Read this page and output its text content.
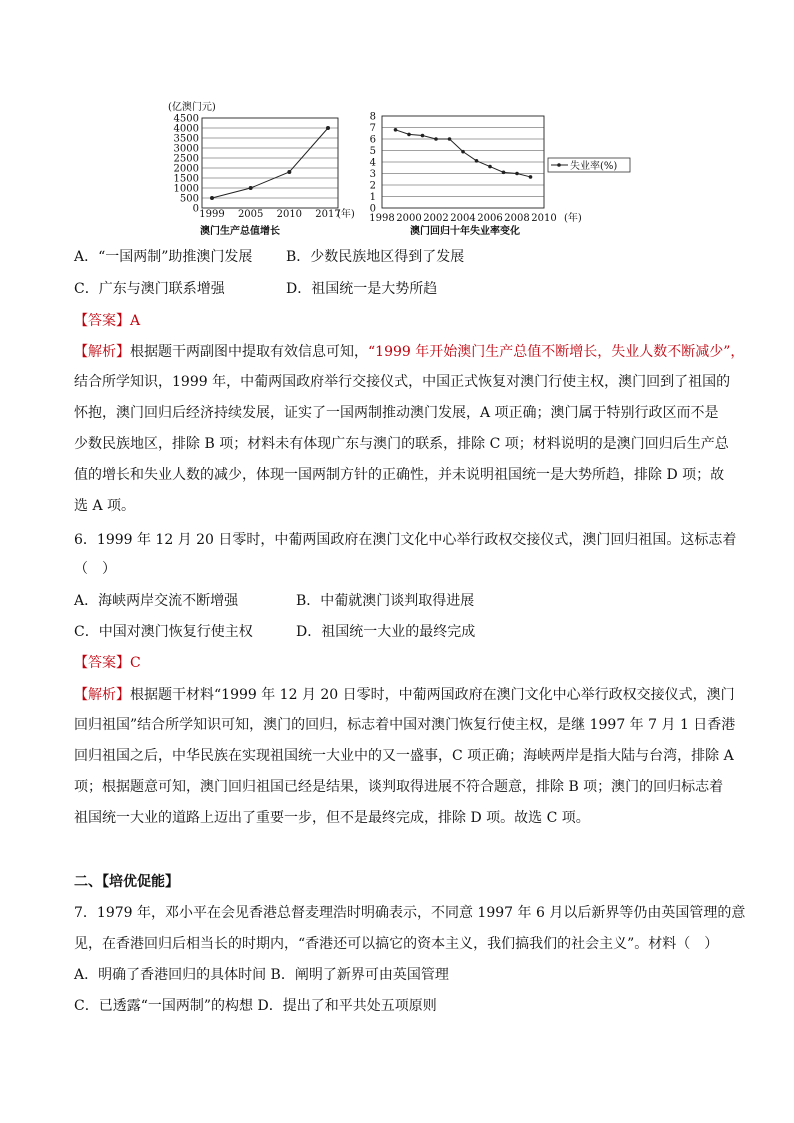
(亿澳门元)
4500
4000
3500
3000
2500
2000
1500
1000
500
0 1999 2005 2010 2017
(年)
澳门生产总值增长
8
7
6
5
4
3
2
1
0
1998 2000 2002 2004 2006 2008 2010 (年)
澳门回归十年失业率变化
失业率(%)
A．“一国两制”助推澳门发展 B．少数民族地区得到了发展
C．广东与澳门联系增强	D．祖国统一是大势所趋
【答案】A
【解析】根据题干两副图中提取有效信息可知，“1999 年开始澳门生产总值不断增长，失业人数不断减少”，
结合所学知识，1999 年，中葡两国政府举行交接仪式，中国正式恢复对澳门行使主权，澳门回到了祖国的
怀抱，澳门回归后经济持续发展，证实了一国两制推动澳门发展，A 项正确；澳门属于特别行政区而不是
少数民族地区，排除 B 项；材料未有体现广东与澳门的联系，排除 C 项；材料说明的是澳门回归后生产总
值的增长和失业人数的减少，体现一国两制方针的正确性，并未说明祖国统一是大势所趋，排除 D 项；故
选 A 项。
6．1999 年 12 月 20 日零时，中葡两国政府在澳门文化中心举行政权交接仪式，澳门回归祖国。这标志着
（　）
A．海峡两岸交流不断增强	B．中葡就澳门谈判取得进展
C．中国对澳门恢复行使主权	D．祖国统一大业的最终完成
【答案】C
【解析】根据题干材料“1999 年 12 月 20 日零时，中葡两国政府在澳门文化中心举行政权交接仪式，澳门
回归祖国”结合所学知识可知，澳门的回归，标志着中国对澳门恢复行使主权，是继 1997 年 7 月 1 日香港
回归祖国之后，中华民族在实现祖国统一大业中的又一盛事，C 项正确；海峡两岸是指大陆与台湾，排除 A
项；根据题意可知，澳门回归祖国已经是结果，谈判取得进展不符合题意，排除 B 项；澳门的回归标志着
祖国统一大业的道路上迈出了重要一步，但不是最终完成，排除 D 项。故选 C 项。
二、【培优促能】
7．1979 年，邓小平在会见香港总督麦理浩时明确表示，不同意 1997 年 6 月以后新界等仍由英国管理的意
见，在香港回归后相当长的时期内，“香港还可以搞它的资本主义，我们搞我们的社会主义”。材料（　）
A．明确了香港回归的具体时间 B．阐明了新界可由英国管理
C．已透露“一国两制”的构想 D．提出了和平共处五项原则
